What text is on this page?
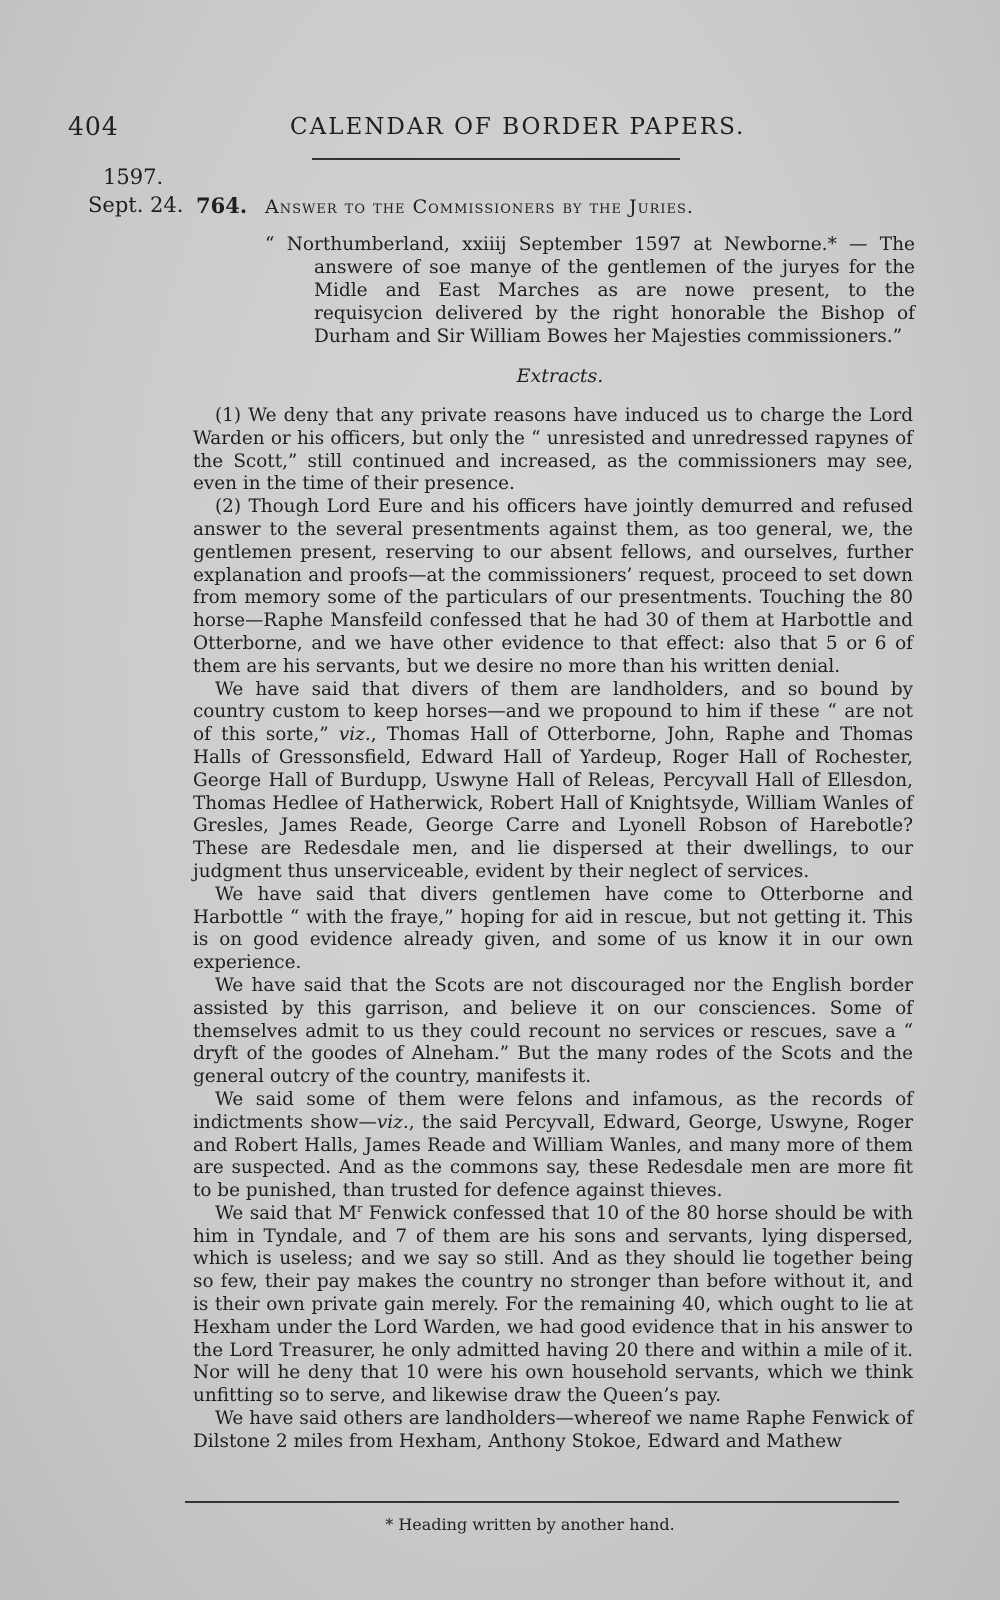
404	CALENDAR OF BORDER PAPERS.
1597.
Sept. 24. 764. Answer to the Commissioners by the Juries.
“ Northumberland, xxiiij September 1597 at Newborne.* — The answere of soe manye of the gentlemen of the juryes for the Midle and East Marches as are nowe present, to the requisycion delivered by the right honorable the Bishop of Durham and Sir William Bowes her Majesties commissioners.”
Extracts.

(1) We deny that any private reasons have induced us to charge the Lord Warden or his officers, but only the “ unresisted and unredressed rapynes of the Scott,” still continued and increased, as the commissioners may see, even in the time of their presence.

(2) Though Lord Eure and his officers have jointly demurred and refused answer to the several presentments against them, as too general, we, the gentlemen present, reserving to our absent fellows, and ourselves, further explanation and proofs—at the commissioners’ request, proceed to set down from memory some of the particulars of our presentments. Touching the 80 horse—Raphe Mansfeild confessed that he had 30 of them at Harbottle and Otterborne, and we have other evidence to that effect: also that 5 or 6 of them are his servants, but we desire no more than his written denial.

We have said that divers of them are landholders, and so bound by country custom to keep horses—and we propound to him if these “ are not of this sorte,” viz., Thomas Hall of Otterborne, John, Raphe and Thomas Halls of Gressonsfield, Edward Hall of Yardeup, Roger Hall of Rochester, George Hall of Burdupp, Uswyne Hall of Releas, Percyvall Hall of Ellesdon, Thomas Hedlee of Hatherwick, Robert Hall of Knightsyde, William Wanles of Gresles, James Reade, George Carre and Lyonell Robson of Harebotle? These are Redesdale men, and lie dispersed at their dwellings, to our judgment thus unserviceable, evident by their neglect of services.

We have said that divers gentlemen have come to Otterborne and Harbottle “ with the fraye,” hoping for aid in rescue, but not getting it. This is on good evidence already given, and some of us know it in our own experience.

We have said that the Scots are not discouraged nor the English border assisted by this garrison, and believe it on our consciences. Some of themselves admit to us they could recount no services or rescues, save a “ dryft of the goodes of Alneham.” But the many rodes of the Scots and the general outcry of the country, manifests it.

We said some of them were felons and infamous, as the records of indictments show—viz., the said Percyvall, Edward, George, Uswyne, Roger and Robert Halls, James Reade and William Wanles, and many more of them are suspected. And as the commons say, these Redesdale men are more fit to be punished, than trusted for defence against thieves.

We said that $M^r$ Fenwick confessed that 10 of the 80 horse should be with him in Tyndale, and 7 of them are his sons and servants, lying dispersed, which is useless; and we say so still. And as they should lie together being so few, their pay makes the country no stronger than before without it, and is their own private gain merely. For the remaining 40, which ought to lie at Hexham under the Lord Warden, we had good evidence that in his answer to the Lord Treasurer, he only admitted having 20 there and within a mile of it. Nor will he deny that 10 were his own household servants, which we think unfitting so to serve, and likewise draw the Queen’s pay.

We have said others are landholders—whereof we name Raphe Fenwick of Dilstone 2 miles from Hexham, Anthony Stokoe, Edward and Mathew

* Heading written by another hand.
